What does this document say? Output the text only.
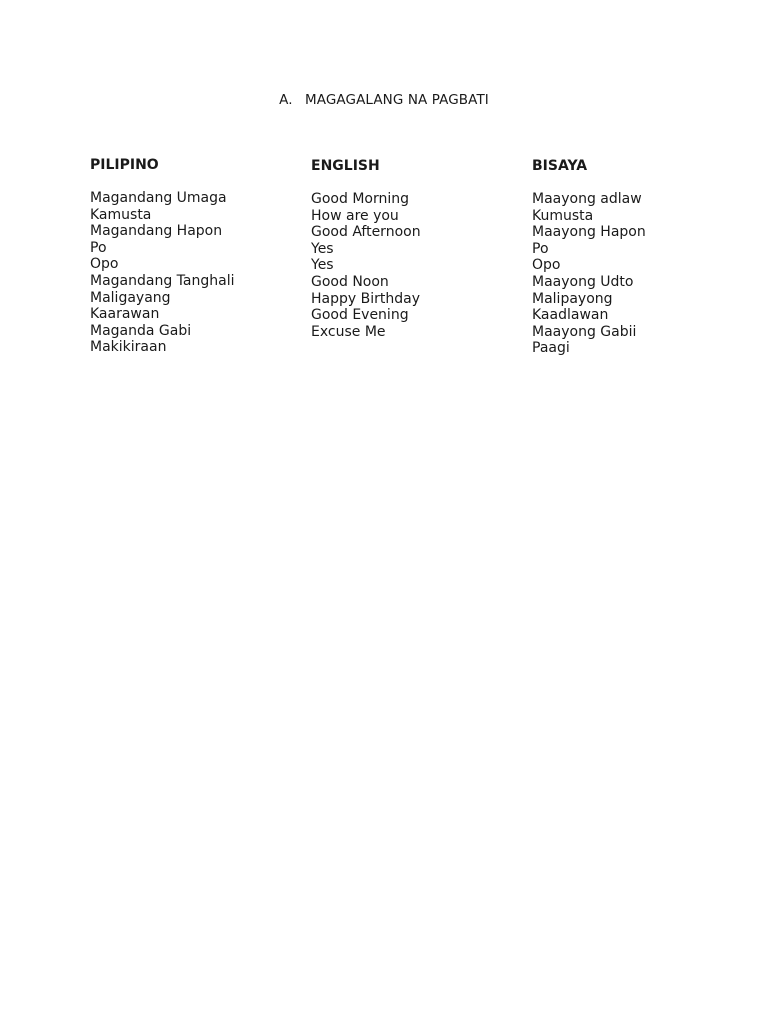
A. MAGAGALANG NA PAGBATI
PILIPINO
Magandang Umaga
Kamusta
Magandang Hapon
Po
Opo
Magandang Tanghali
Maligayang
Kaarawan
Maganda Gabi
Makikiraan
ENGLISH
Good Morning
How are you
Good Afternoon
Yes
Yes
Good Noon
Happy Birthday
Good Evening
Excuse Me
BISAYA
Maayong adlaw
Kumusta
Maayong Hapon
Po
Opo
Maayong Udto
Malipayong
Kaadlawan
Maayong Gabii
Paagi
